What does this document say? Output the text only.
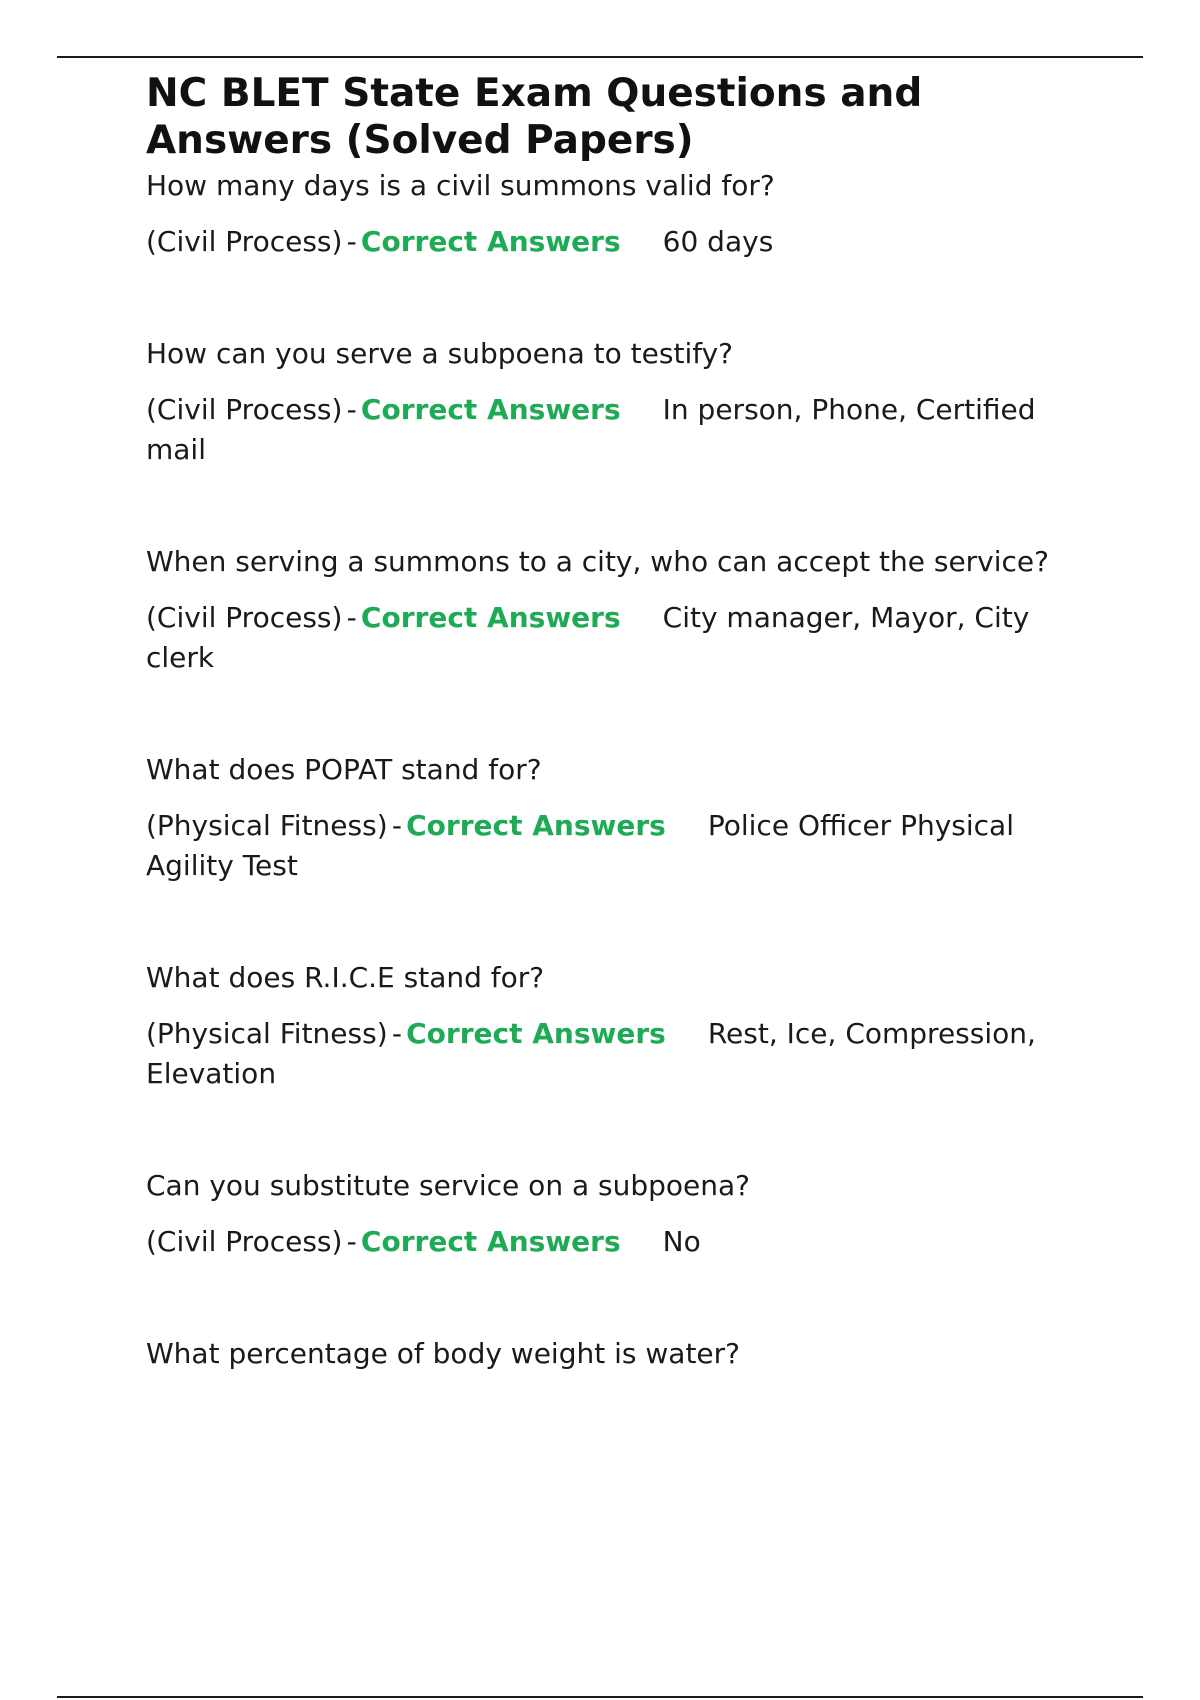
NC BLET State Exam Questions and Answers (Solved Papers)

How many days is a civil summons valid for?

(Civil Process) - Correct Answers 60 days

How can you serve a subpoena to testify?

(Civil Process) - Correct Answers In person, Phone, Certified mail

When serving a summons to a city, who can accept the service?

(Civil Process) - Correct Answers City manager, Mayor, City clerk

What does POPAT stand for?

(Physical Fitness) - Correct Answers Police Officer Physical Agility Test

What does R.I.C.E stand for?

(Physical Fitness) - Correct Answers Rest, Ice, Compression, Elevation

Can you substitute service on a subpoena?

(Civil Process) - Correct Answers No

What percentage of body weight is water?
